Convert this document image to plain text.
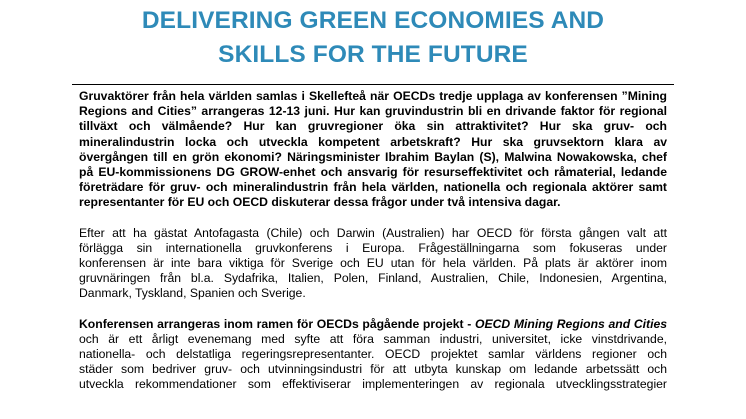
DELIVERING GREEN ECONOMIES AND
SKILLS FOR THE FUTURE
Gruvaktörer från hela världen samlas i Skellefteå när OECDs tredje upplaga av konferensen ”Mining
Regions and Cities” arrangeras 12-13 juni. Hur kan gruvindustrin bli en drivande faktor för regional
tillväxt och välmående? Hur kan gruvregioner öka sin attraktivitet? Hur ska gruv- och
mineralindustrin locka och utveckla kompetent arbetskraft? Hur ska gruvsektorn klara av
övergången till en grön ekonomi? Näringsminister Ibrahim Baylan (S), Malwina Nowakowska, chef
på EU-kommissionens DG GROW-enhet och ansvarig för resurseffektivitet och råmaterial, ledande
företrädare för gruv- och mineralindustrin från hela världen, nationella och regionala aktörer samt
representanter för EU och OECD diskuterar dessa frågor under två intensiva dagar.
Efter att ha gästat Antofagasta (Chile) och Darwin (Australien) har OECD för första gången valt att
förlägga sin internationella gruvkonferens i Europa. Frågeställningarna som fokuseras under
konferensen är inte bara viktiga för Sverige och EU utan för hela världen. På plats är aktörer inom
gruvnäringen från bl.a. Sydafrika, Italien, Polen, Finland, Australien, Chile, Indonesien, Argentina,
Danmark, Tyskland, Spanien och Sverige.
Konferensen arrangeras inom ramen för OECDs pågående projekt - OECD Mining Regions and Cities
och är ett årligt evenemang med syfte att föra samman industri, universitet, icke vinstdrivande,
nationella- och delstatliga regeringsrepresentanter. OECD projektet samlar världens regioner och
städer som bedriver gruv- och utvinningsindustri för att utbyta kunskap om ledande arbetssätt och
utveckla rekommendationer som effektiviserar implementeringen av regionala utvecklingsstrategier
